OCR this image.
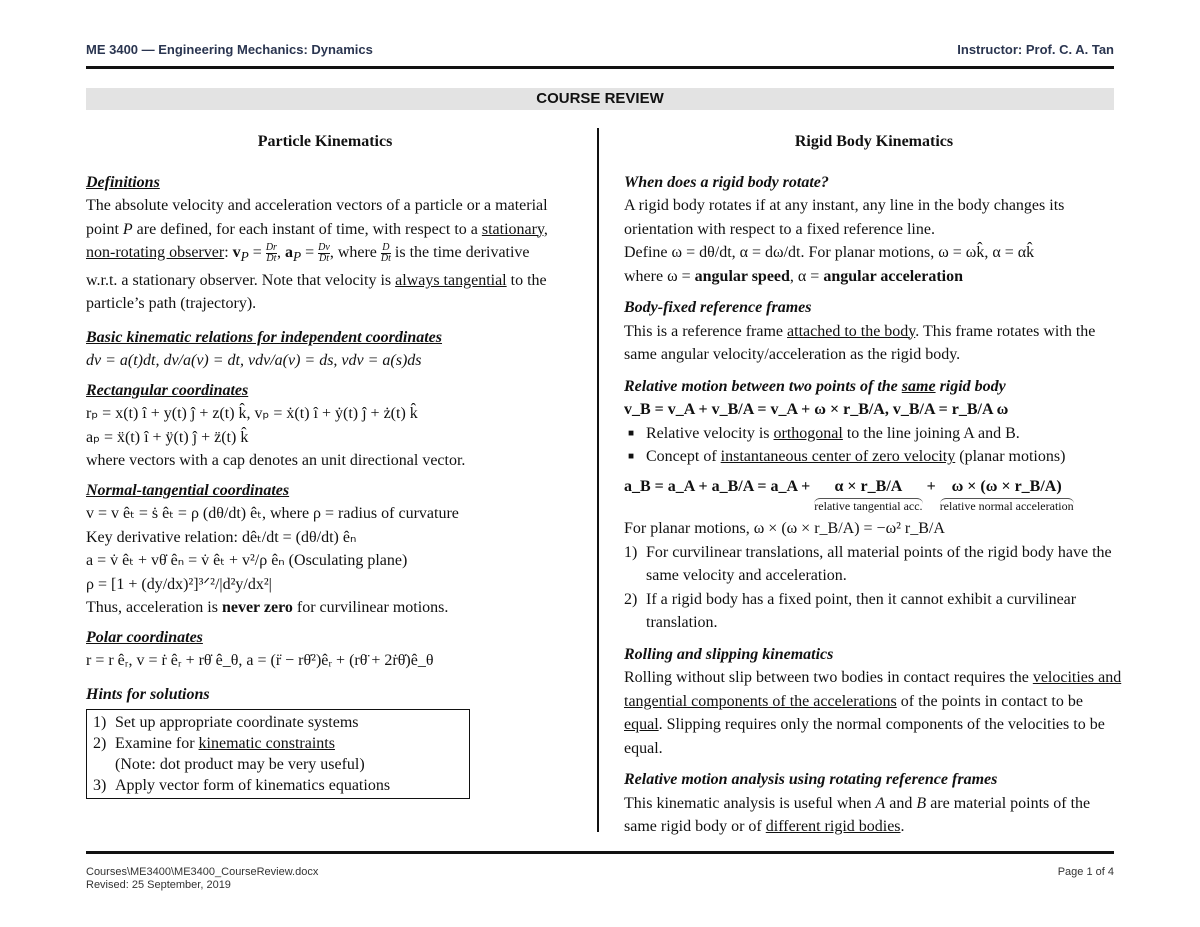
ME 3400 — Engineering Mechanics: Dynamics	Instructor: Prof. C. A. Tan
COURSE REVIEW
Particle Kinematics
Definitions
The absolute velocity and acceleration vectors of a particle or a material point P are defined, for each instant of time, with respect to a stationary, non-rotating observer: $v_P = \frac{Dr}{Dt}$ , $a_P = \frac{Dv}{Dt}$ , where $\frac{D}{Dt}$ is the time derivative w.r.t. a stationary observer. Note that velocity is always tangential to the particle’s path (trajectory).
Basic kinematic relations for independent coordinates
dv = a(t)dt, dv/a(v) = dt, vdv/a(v) = ds, vdv = a(s)ds
Rectangular coordinates
rₚ = x(t) î + y(t) ĵ + z(t) k̂, vₚ = ẋ(t) î + ẏ(t) ĵ + ż(t) k̂
aₚ = ẍ(t) î + ÿ(t) ĵ + z̈(t) k̂
where vectors with a cap denotes an unit directional vector.
Normal-tangential coordinates
v = v êₜ = ṡ êₜ = ρ (dθ/dt) êₜ, where ρ = radius of curvature
Key derivative relation: dêₜ/dt = (dθ/dt) êₙ
a = v̇ êₜ + vθ̇ êₙ = v̇ êₜ + v²/ρ êₙ (Osculating plane)
ρ = [1 + (dy/dx)²]³ᐟ²/|d²y/dx²|
Thus, acceleration is never zero for curvilinear motions.
Polar coordinates
r = r êᵣ, v = ṙ êᵣ + rθ̇ ê_θ, a = (r̈ − rθ̇²)êᵣ + (rθ̈ + 2ṙθ̇)ê_θ
Hints for solutions
1) Set up appropriate coordinate systems
2) Examine for kinematic constraints
(Note: dot product may be very useful)
3) Apply vector form of kinematics equations
Rigid Body Kinematics
When does a rigid body rotate?
A rigid body rotates if at any instant, any line in the body changes its orientation with respect to a fixed reference line.
Define ω = dθ/dt, α = dω/dt. For planar motions, ω = ωk̂, α = αk̂
where ω = angular speed, α = angular acceleration
Body-fixed reference frames
This is a reference frame attached to the body. This frame rotates with the same angular velocity/acceleration as the rigid body.
Relative motion between two points of the same rigid body
v_B = v_A + v_B/A = v_A + ω × r_B/A, v_B/A = r_B/A ω
■ Relative velocity is orthogonal to the line joining A and B.
■ Concept of instantaneous center of zero velocity (planar motions)
a_B = a_A + a_B/A = a_A + α × r_B/A
relative tangential acc.
+ ω × (ω × r_B/A)
relative normal acceleration
For planar motions, ω × (ω × r_B/A) = −ω² r_B/A
1) For curvilinear translations, all material points of the rigid body have the same velocity and acceleration.
2) If a rigid body has a fixed point, then it cannot exhibit a curvilinear translation.
Rolling and slipping kinematics
Rolling without slip between two bodies in contact requires the velocities and tangential components of the accelerations of the points in contact to be equal. Slipping requires only the normal components of the velocities to be equal.
Relative motion analysis using rotating reference frames
This kinematic analysis is useful when A and B are material points of the same rigid body or of different rigid bodies.
Courses\ME3400\ME3400_CourseReview.docx
Revised: 25 September, 2019
Page 1 of 4
